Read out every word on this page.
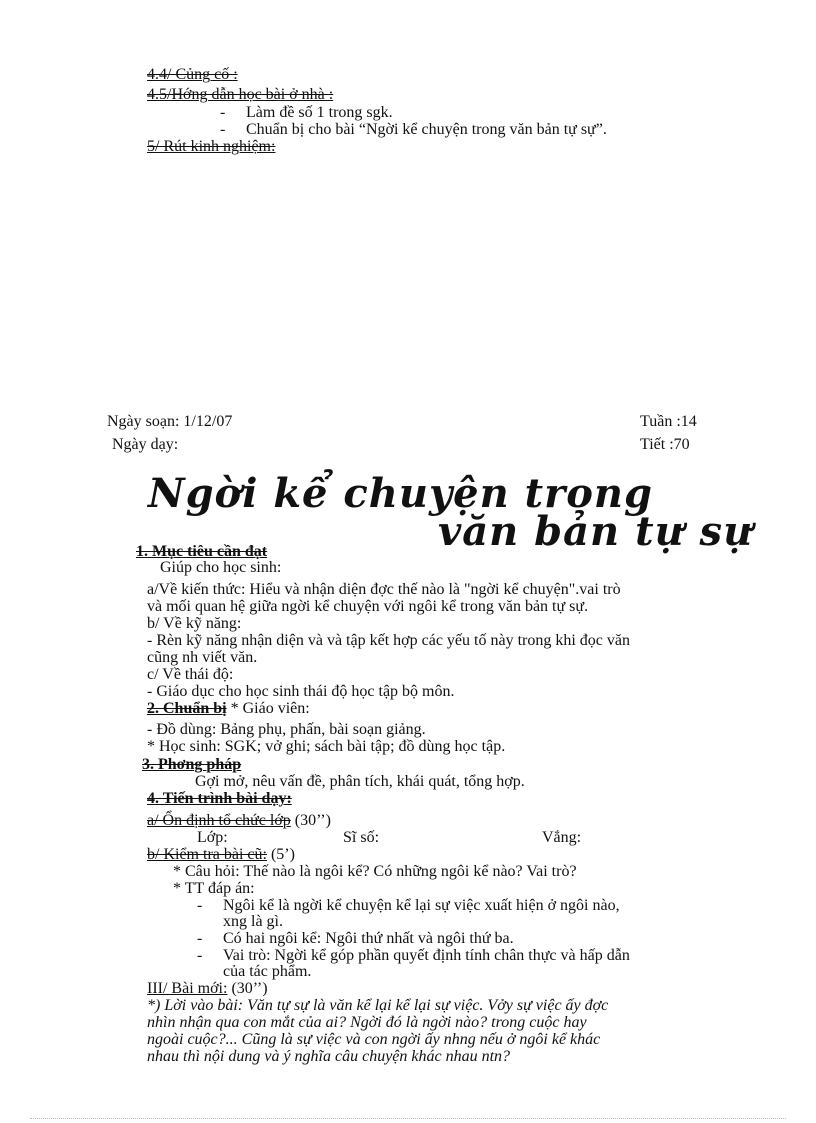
4.4/ Củng cố :
4.5/Hớng dẫn học bài ở nhà :
- Làm đề số 1 trong sgk.
- Chuẩn bị cho bài “Ngời kể chuyện trong văn bản tự sự”.
5/ Rút kinh nghiệm:
Ngày soạn: 1/12/07	Tuần :14
Ngày dạy:	Tiết :70
Ngời kể chuyện trong
văn bản tự sự
1. Mục tiêu cần đạt
Giúp cho học sinh:
a/Về kiến thức: Hiểu và nhận diện đợc thế nào là "ngời kể chuyện".vai trò
và mối quan hệ giữa ngời kể chuyện với ngôi kể trong văn bản tự sự.
b/ Về kỹ năng:
- Rèn kỹ năng nhận diện và và tập kết hợp các yếu tố này trong khi đọc văn
cũng nh viết văn.
c/ Về thái độ:
- Giáo dục cho học sinh thái độ học tập bộ môn.
2. Chuẩn bị * Giáo viên:
- Đồ dùng: Bảng phụ, phấn, bài soạn giảng.
* Học sinh: SGK; vở ghi; sách bài tập; đồ dùng học tập.
3. Phơng pháp
Gợi mở, nêu vấn đề, phân tích, khái quát, tổng hợp.
4. Tiến trình bài dạy:
a/ Ổn định tổ chức lớp (30’’)
Lớp:	Sĩ số:	Vắng:
b/ Kiểm tra bài cũ: (5’)
* Câu hỏi: Thế nào là ngôi kể? Có những ngôi kể nào? Vai trò?
* TT đáp án:
- Ngôi kể là ngời kể chuyện kể lại sự việc xuất hiện ở ngôi nào,
xng là gì.
- Có hai ngôi kể: Ngôi thứ nhất và ngôi thứ ba.
- Vai trò: Ngời kể góp phần quyết định tính chân thực và hấp dẫn
của tác phẩm.
III/ Bài mới: (30’’)
*) Lời vào bài: Văn tự sự là văn kể lại kể lại sự việc. Vởy sự việc ấy đợc
nhìn nhận qua con mắt của ai? Ngời đó là ngời nào? trong cuộc hay
ngoài cuộc?... Cũng là sự việc và con ngời ấy nhng nếu ở ngôi kể khác
nhau thì nội dung và ý nghĩa câu chuyện khác nhau ntn?
